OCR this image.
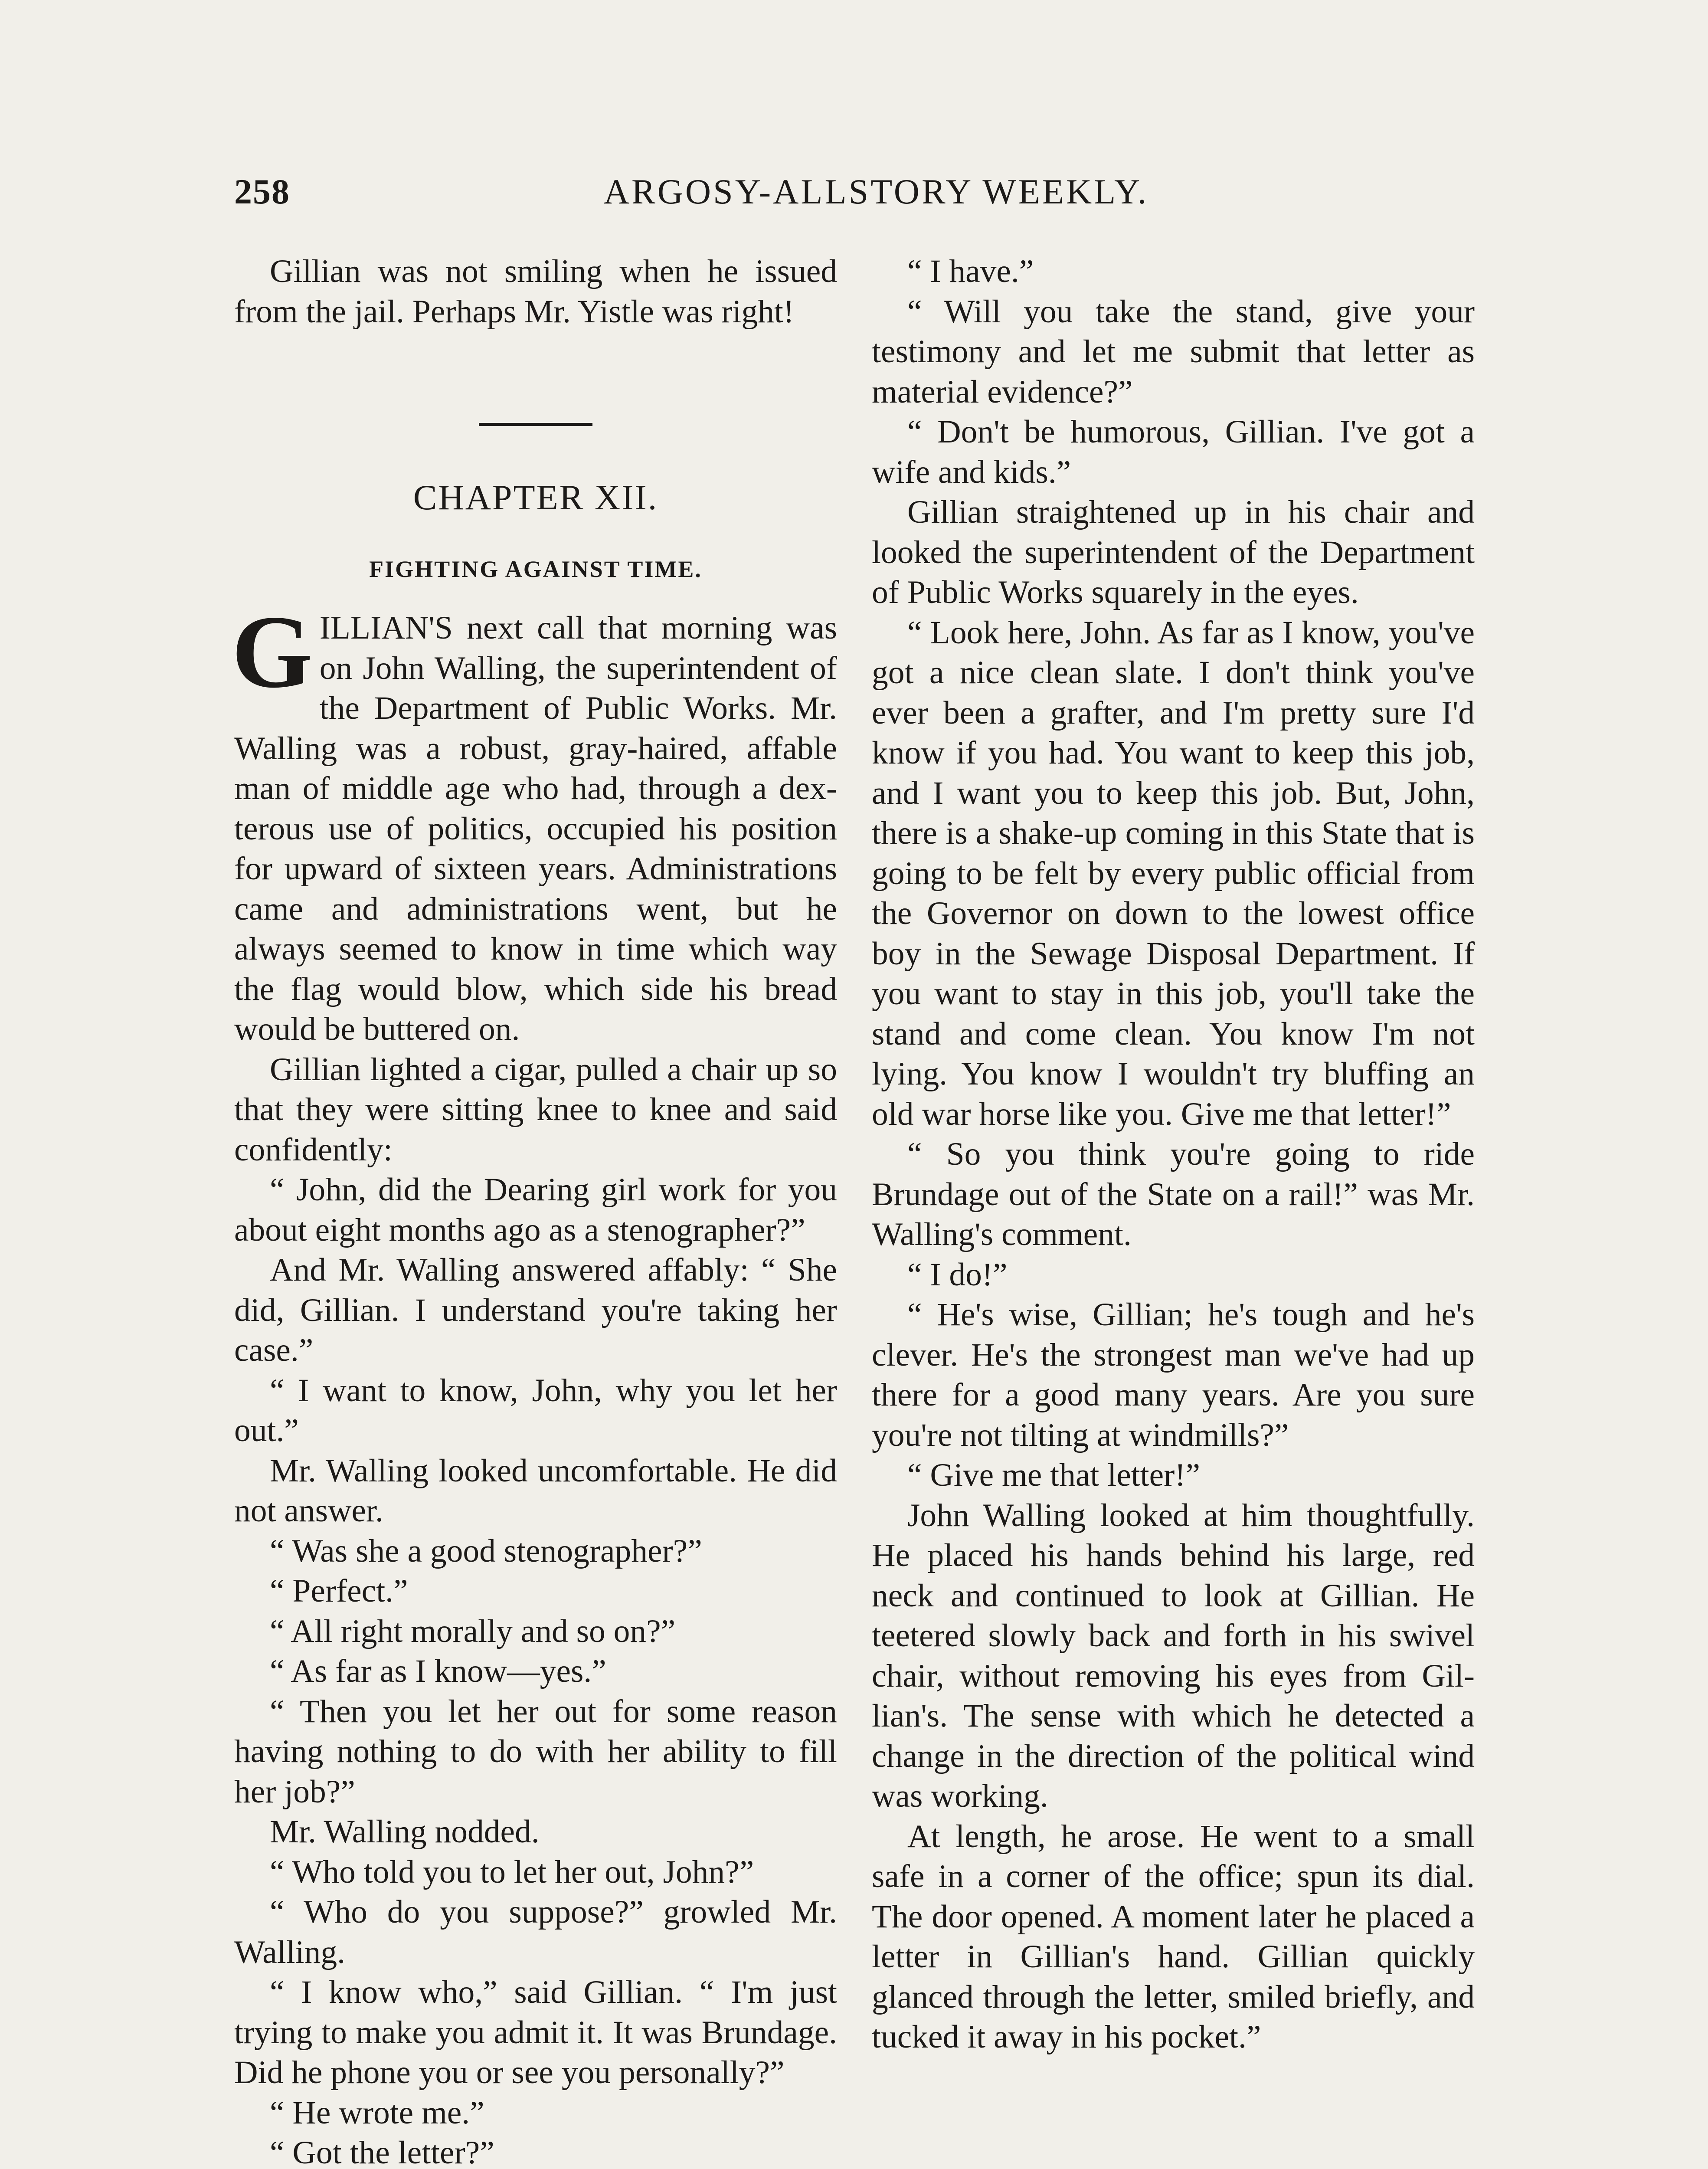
258	ARGOSY-ALLSTORY WEEKLY.

Gillian was not smiling when he issued from the jail. Perhaps Mr. Yistle was right!

CHAPTER XII.
FIGHTING AGAINST TIME.
G ILLIAN'S next call that morning was on John Walling, the superintendent of the Department of Public Works. Mr. Walling was a robust, gray-haired, affable man of middle age who had, through a dexterous use of politics, occupied his position for upward of sixteen years. Administrations came and administrations went, but he always seemed to know in time which way the flag would blow, which side his bread would be buttered on.

Gillian lighted a cigar, pulled a chair up so that they were sitting knee to knee and said confidently:

“ John, did the Dearing girl work for you about eight months ago as a stenographer?”

And Mr. Walling answered affably: “ She did, Gillian. I understand you're taking her case.”

“ I want to know, John, why you let her out.”

Mr. Walling looked uncomfortable. He did not answer.

“ Was she a good stenographer?”

“ Perfect.”

“ All right morally and so on?”

“ As far as I know—yes.”

“ Then you let her out for some reason having nothing to do with her ability to fill her job?”

Mr. Walling nodded.

“ Who told you to let her out, John?”

“ Who do you suppose?” growled Mr. Walling.

“ I know who,” said Gillian. “ I'm just trying to make you admit it. It was Brundage. Did he phone you or see you personally?”

“ He wrote me.”

“ Got the letter?”

“ I have.”

“ Will you take the stand, give your testimony and let me submit that letter as material evidence?”

“ Don't be humorous, Gillian. I've got a wife and kids.”

Gillian straightened up in his chair and looked the superintendent of the Department of Public Works squarely in the eyes.

“ Look here, John. As far as I know, you've got a nice clean slate. I don't think you've ever been a grafter, and I'm pretty sure I'd know if you had. You want to keep this job, and I want you to keep this job. But, John, there is a shake-up coming in this State that is going to be felt by every public official from the Governor on down to the lowest office boy in the Sewage Disposal Department. If you want to stay in this job, you'll take the stand and come clean. You know I'm not lying. You know I wouldn't try bluffing an old war horse like you. Give me that letter!”

“ So you think you're going to ride Brundage out of the State on a rail!” was Mr. Walling's comment.

“ I do!”

“ He's wise, Gillian; he's tough and he's clever. He's the strongest man we've had up there for a good many years. Are you sure you're not tilting at windmills?”

“ Give me that letter!”

John Walling looked at him thoughtfully. He placed his hands behind his large, red neck and continued to look at Gillian. He teetered slowly back and forth in his swivel chair, without removing his eyes from Gillian's. The sense with which he detected a change in the direction of the political wind was working.

At length, he arose. He went to a small safe in a corner of the office; spun its dial. The door opened. A moment later he placed a letter in Gillian's hand. Gillian quickly glanced through the letter, smiled briefly, and tucked it away in his pocket.”
